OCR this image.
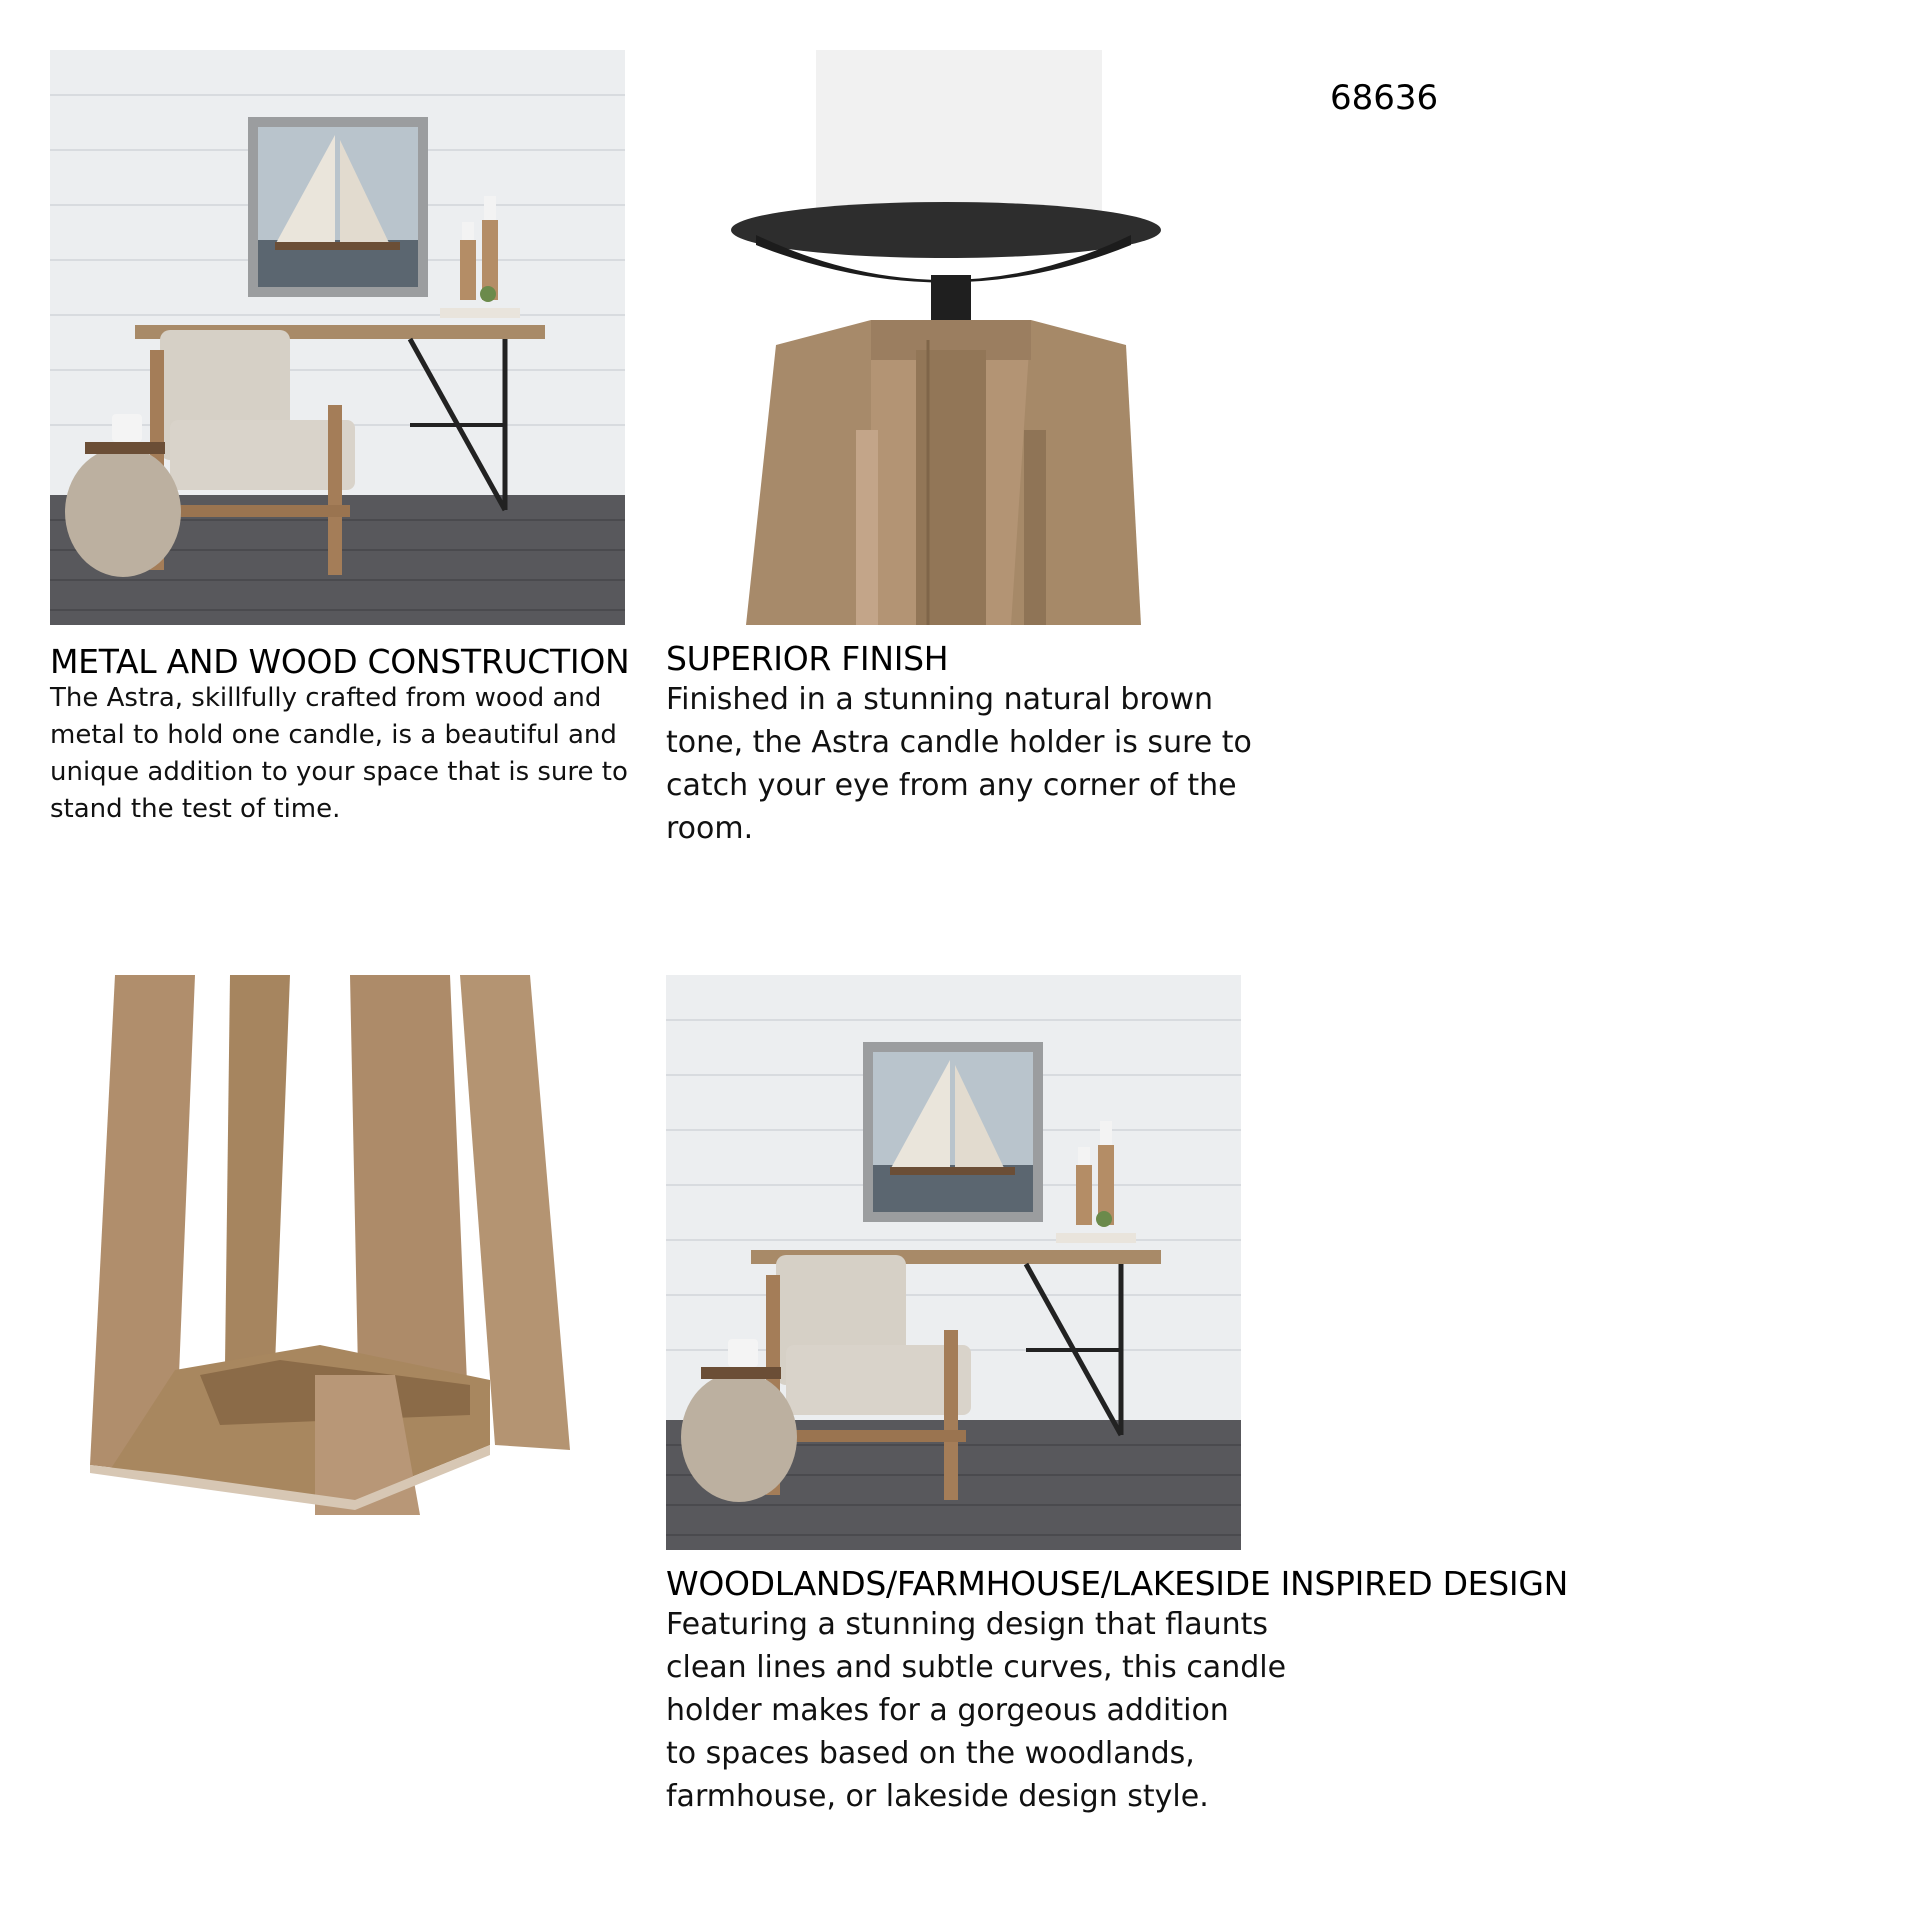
68636
METAL AND WOOD CONSTRUCTION
The Astra, skillfully crafted from wood and
metal to hold one candle, is a beautiful and
unique addition to your space that is sure to
stand the test of time.
SUPERIOR FINISH
Finished in a stunning natural brown
tone, the Astra candle holder is sure to
catch your eye from any corner of the
room.
WOODLANDS/FARMHOUSE/LAKESIDE INSPIRED DESIGN
Featuring a stunning design that flaunts
clean lines and subtle curves, this candle
holder makes for a gorgeous addition
to spaces based on the woodlands,
farmhouse, or lakeside design style.
